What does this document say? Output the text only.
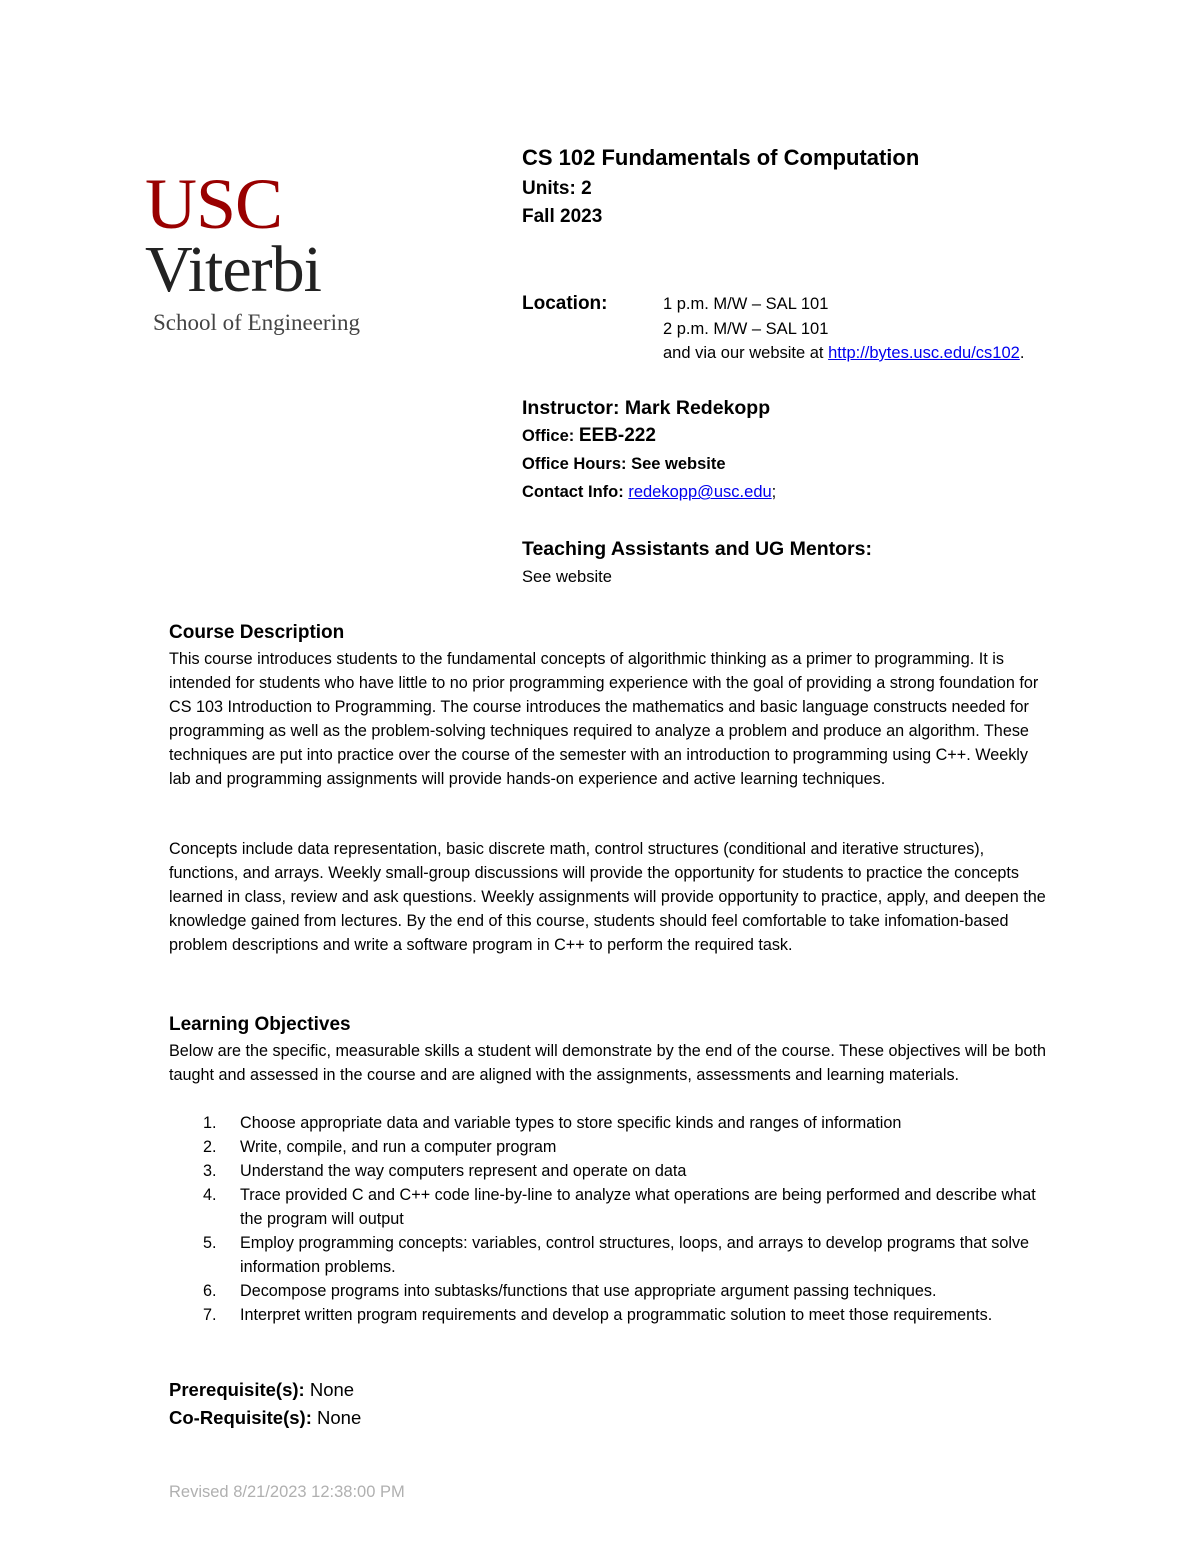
USC
Viterbi
School of Engineering
CS 102 Fundamentals of Computation
Units: 2
Fall 2023
Location:	1 p.m. M/W – SAL 101
2 p.m. M/W – SAL 101
and via our website at http://bytes.usc.edu/cs102.
Instructor: Mark Redekopp
Office: EEB-222
Office Hours: See website
Contact Info: redekopp@usc.edu;
Teaching Assistants and UG Mentors:
See website
Course Description

This course introduces students to the fundamental concepts of algorithmic thinking as a primer to programming. It is intended for students who have little to no prior programming experience with the goal of providing a strong foundation for CS 103 Introduction to Programming. The course introduces the mathematics and basic language constructs needed for programming as well as the problem-solving techniques required to analyze a problem and produce an algorithm. These techniques are put into practice over the course of the semester with an introduction to programming using C++. Weekly lab and programming assignments will provide hands-on experience and active learning techniques.

Concepts include data representation, basic discrete math, control structures (conditional and iterative structures), functions, and arrays. Weekly small-group discussions will provide the opportunity for students to practice the concepts learned in class, review and ask questions. Weekly assignments will provide opportunity to practice, apply, and deepen the knowledge gained from lectures. By the end of this course, students should feel comfortable to take infomation-based problem descriptions and write a software program in C++ to perform the required task.

Learning Objectives

Below are the specific, measurable skills a student will demonstrate by the end of the course. These objectives will be both taught and assessed in the course and are aligned with the assignments, assessments and learning materials.

1. Choose appropriate data and variable types to store specific kinds and ranges of information
2. Write, compile, and run a computer program
3. Understand the way computers represent and operate on data
4. Trace provided C and C++ code line-by-line to analyze what operations are being performed and describe what the program will output
5. Employ programming concepts: variables, control structures, loops, and arrays to develop programs that solve information problems.
6. Decompose programs into subtasks/functions that use appropriate argument passing techniques.
7. Interpret written program requirements and develop a programmatic solution to meet those requirements.
Prerequisite(s): None
Co-Requisite(s): None
Revised 8/21/2023 12:38:00 PM
